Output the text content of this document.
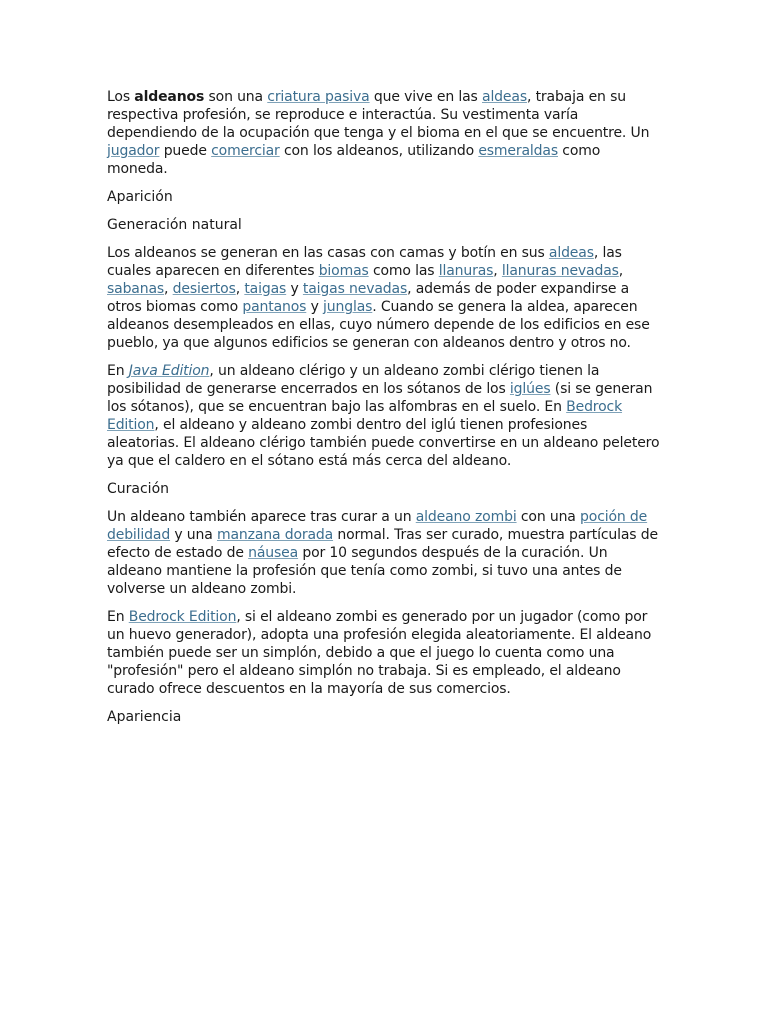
Los aldeanos son una criatura pasiva que vive en las aldeas, trabaja en su respectiva profesión, se reproduce e interactúa. Su vestimenta varía dependiendo de la ocupación que tenga y el bioma en el que se encuentre. Un jugador puede comerciar con los aldeanos, utilizando esmeraldas como moneda.

Aparición

Generación natural

Los aldeanos se generan en las casas con camas y botín en sus aldeas, las cuales aparecen en diferentes biomas como las llanuras, llanuras nevadas, sabanas, desiertos, taigas y taigas nevadas, además de poder expandirse a otros biomas como pantanos y junglas. Cuando se genera la aldea, aparecen aldeanos desempleados en ellas, cuyo número depende de los edificios en ese pueblo, ya que algunos edificios se generan con aldeanos dentro y otros no.

En Java Edition, un aldeano clérigo y un aldeano zombi clérigo tienen la posibilidad de generarse encerrados en los sótanos de los iglúes (si se generan los sótanos), que se encuentran bajo las alfombras en el suelo. En Bedrock Edition, el aldeano y aldeano zombi dentro del iglú tienen profesiones aleatorias. El aldeano clérigo también puede convertirse en un aldeano peletero ya que el caldero en el sótano está más cerca del aldeano.

Curación

Un aldeano también aparece tras curar a un aldeano zombi con una poción de debilidad y una manzana dorada normal. Tras ser curado, muestra partículas de efecto de estado de náusea por 10 segundos después de la curación. Un aldeano mantiene la profesión que tenía como zombi, si tuvo una antes de volverse un aldeano zombi.

En Bedrock Edition, si el aldeano zombi es generado por un jugador (como por un huevo generador), adopta una profesión elegida aleatoriamente. El aldeano también puede ser un simplón, debido a que el juego lo cuenta como una "profesión" pero el aldeano simplón no trabaja. Si es empleado, el aldeano curado ofrece descuentos en la mayoría de sus comercios.

Apariencia
